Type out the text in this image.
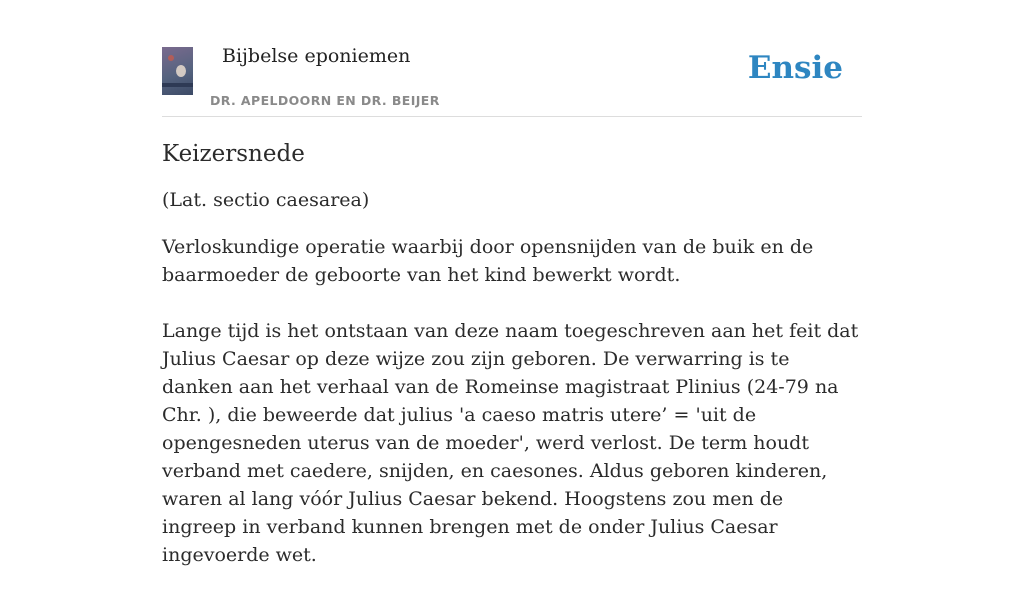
Bijbelse eponiemen
DR. APELDOORN EN DR. BEIJER
Ensie
Keizersnede

(Lat. sectio caesarea)

Verloskundige operatie waarbij door opensnijden van de buik en de baarmoeder de geboorte van het kind bewerkt wordt.

Lange tijd is het ontstaan van deze naam toegeschreven aan het feit dat Julius Caesar op deze wijze zou zijn geboren. De verwarring is te danken aan het verhaal van de Romeinse magistraat Plinius (24-79 na Chr. ), die beweerde dat julius 'a caeso matris utere’ = 'uit de opengesneden uterus van de moeder', werd verlost. De term houdt verband met caedere, snijden, en caesones. Aldus geboren kinderen, waren al lang vóór Julius Caesar bekend. Hoogstens zou men de ingreep in verband kunnen brengen met de onder Julius Caesar ingevoerde wet.
